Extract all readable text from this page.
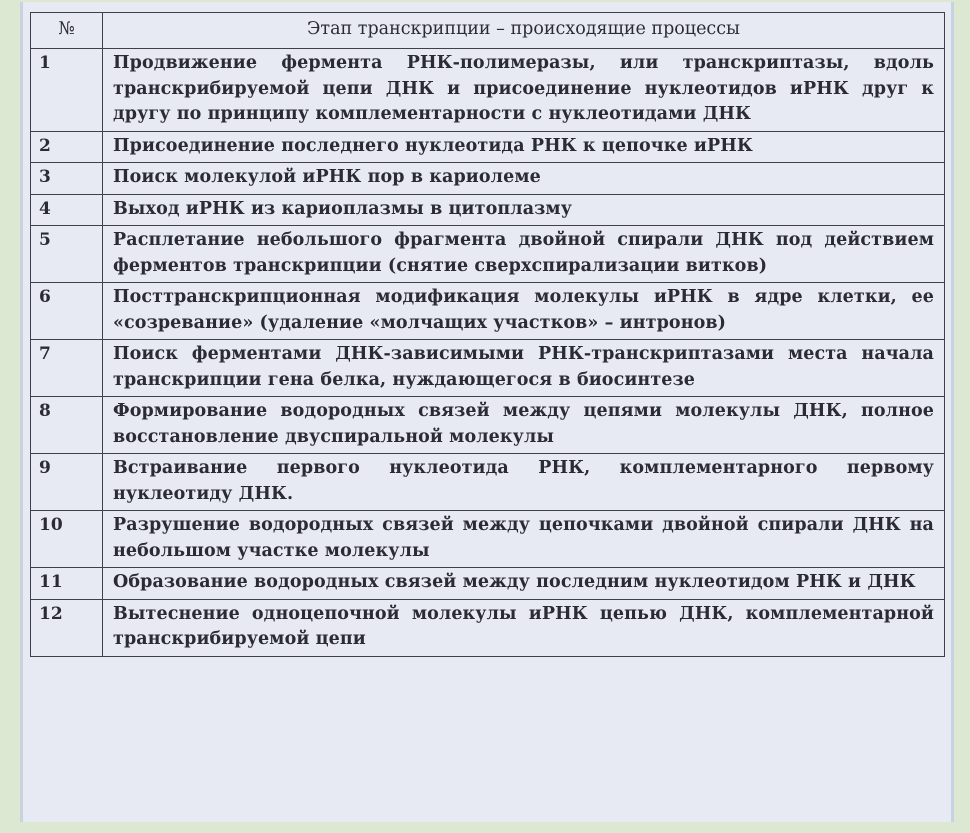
№	Этап транскрипции – происходящие процессы
1	Продвижение фермента РНК-полимеразы, или транскриптазы, вдоль транскрибируемой цепи ДНК и присоединение нуклеотидов иРНК друг к другу по принципу комплементарности с нуклеотидами ДНК
2	Присоединение последнего нуклеотида РНК к цепочке иРНК
3	Поиск молекулой иРНК пор в кариолеме
4	Выход иРНК из кариоплазмы в цитоплазму
5	Расплетание небольшого фрагмента двойной спирали ДНК под действием ферментов транскрипции (снятие сверхспирализации витков)
6	Посттранскрипционная модификация молекулы иРНК в ядре клетки, ее «созревание» (удаление «молчащих участков» – интронов)
7	Поиск ферментами ДНК-зависимыми РНК-транскриптазами места начала транскрипции гена белка, нуждающегося в биосинтезе
8	Формирование водородных связей между цепями молекулы ДНК, полное восстановление двуспиральной молекулы
9	Встраивание первого нуклеотида РНК, комплементарного первому нуклеотиду ДНК.
10	Разрушение водородных связей между цепочками двойной спирали ДНК на небольшом участке молекулы
11	Образование водородных связей между последним нуклеотидом РНК и ДНК
12	Вытеснение одноцепочной молекулы иРНК цепью ДНК, комплементарной транскрибируемой цепи
